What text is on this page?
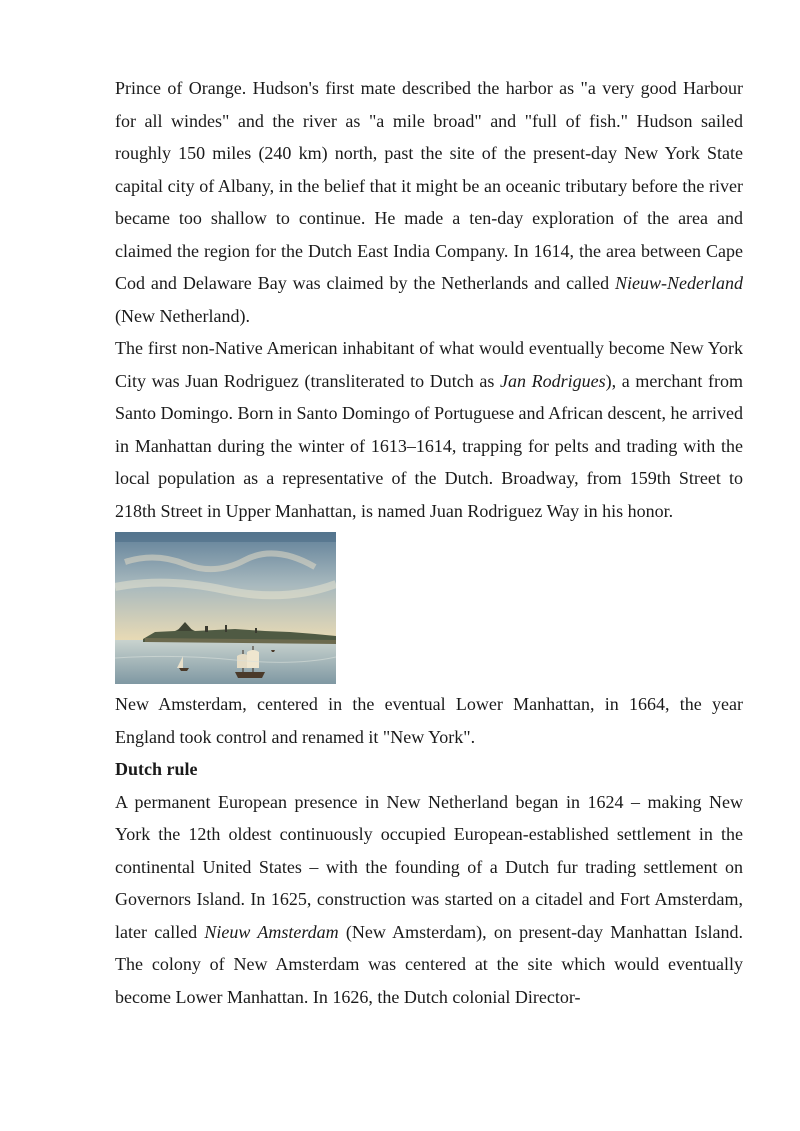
Prince of Orange. Hudson's first mate described the harbor as "a very good Harbour for all windes" and the river as "a mile broad" and "full of fish." Hudson sailed roughly 150 miles (240 km) north, past the site of the present-day New York State capital city of Albany, in the belief that it might be an oceanic tributary before the river became too shallow to continue. He made a ten-day exploration of the area and claimed the region for the Dutch East India Company. In 1614, the area between Cape Cod and Delaware Bay was claimed by the Netherlands and called Nieuw-Nederland (New Netherland).

The first non-Native American inhabitant of what would eventually become New York City was Juan Rodriguez (transliterated to Dutch as Jan Rodrigues), a merchant from Santo Domingo. Born in Santo Domingo of Portuguese and African descent, he arrived in Manhattan during the winter of 1613–1614, trapping for pelts and trading with the local population as a representative of the Dutch. Broadway, from 159th Street to 218th Street in Upper Manhattan, is named Juan Rodriguez Way in his honor.

New Amsterdam, centered in the eventual Lower Manhattan, in 1664, the year England took control and renamed it "New York".

Dutch rule

A permanent European presence in New Netherland began in 1624 – making New York the 12th oldest continuously occupied European-established settlement in the continental United States – with the founding of a Dutch fur trading settlement on Governors Island. In 1625, construction was started on a citadel and Fort Amsterdam, later called Nieuw Amsterdam (New Amsterdam), on present-day Manhattan Island. The colony of New Amsterdam was centered at the site which would eventually become Lower Manhattan. In 1626, the Dutch colonial Director-
